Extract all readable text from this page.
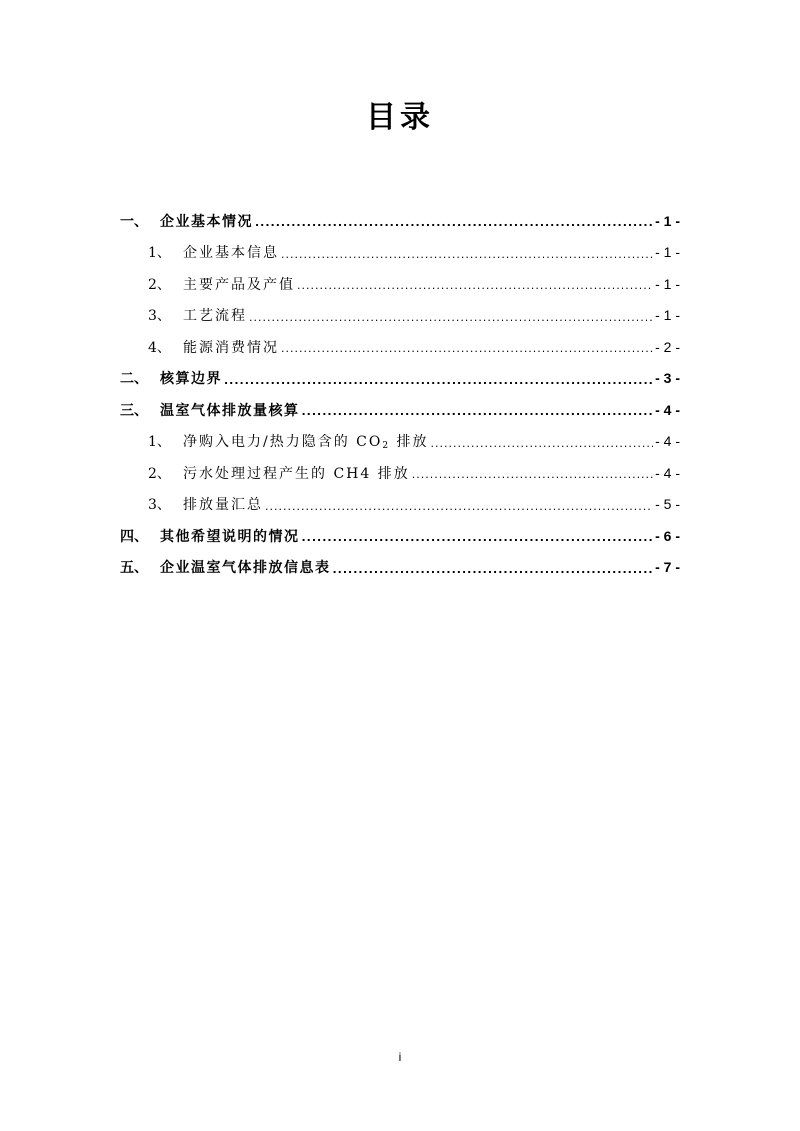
目录
一、 企业基本情况 .....	- 1 -
1、 企业基本信息 .....	- 1 -
2、 主要产品及产值 .....	- 1 -
3、 工艺流程 .....	- 1 -
4、 能源消费情况 .....	- 2 -
二、 核算边界 .....	- 3 -
三、 温室气体排放量核算 .....	- 4 -
1、 净购入电力/热力隐含的 $CO_2$ 排放 .....	- 4 -
2、 污水处理过程产生的 CH4 排放 .....	- 4 -
3、 排放量汇总 .....	- 5 -
四、 其他希望说明的情况 .....	- 6 -
五、 企业温室气体排放信息表 .....	- 7 -
i
